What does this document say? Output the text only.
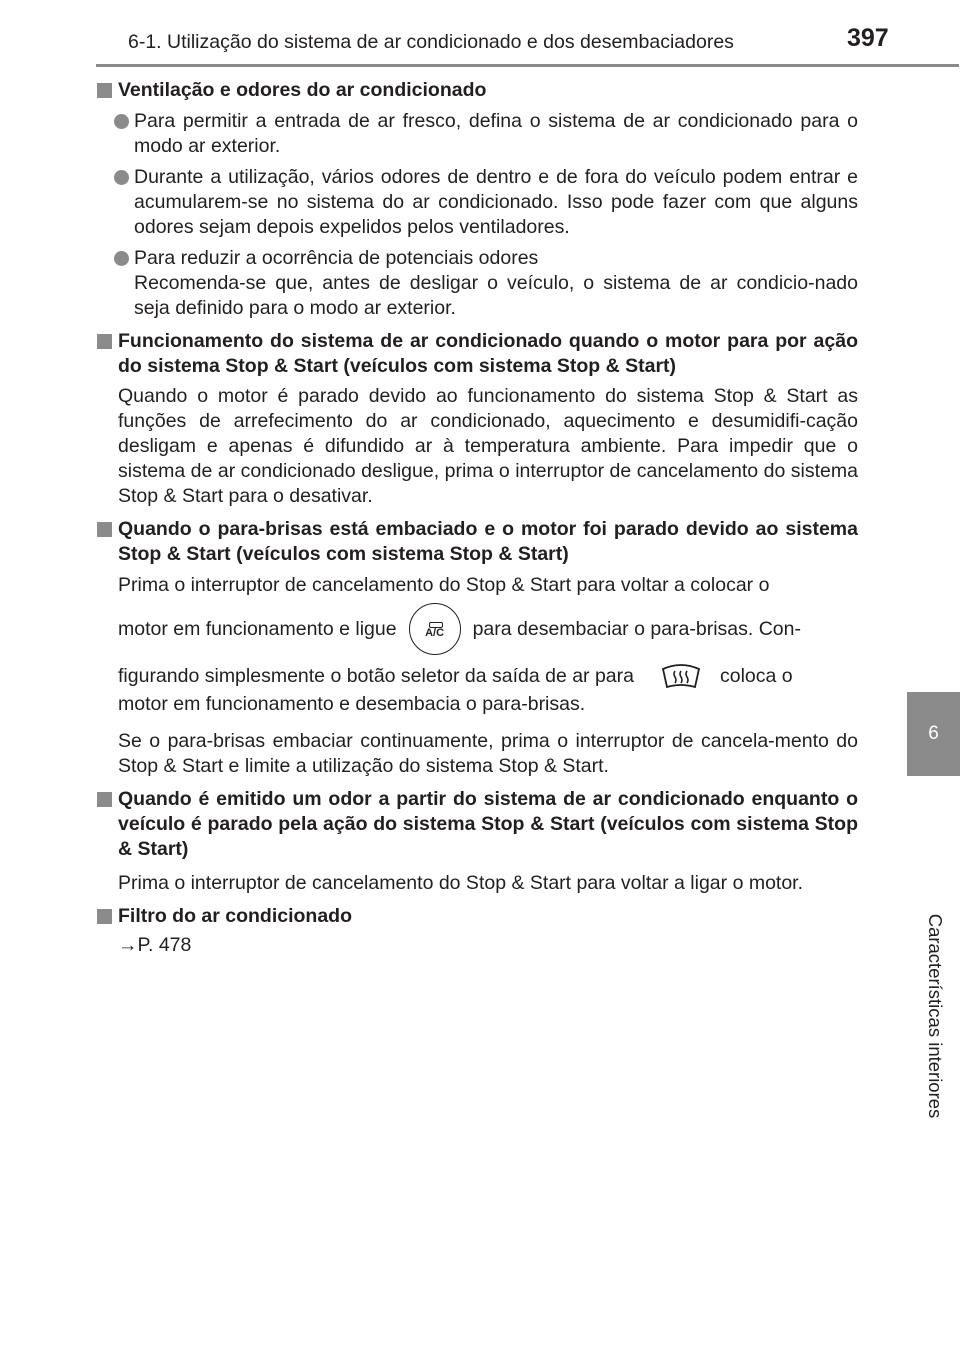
6-1. Utilização do sistema de ar condicionado e dos desembaciadores	397
6
Características interiores
Ventilação e odores do ar condicionado
Para permitir a entrada de ar fresco, defina o sistema de ar condicionado para o modo ar exterior.
Durante a utilização, vários odores de dentro e de fora do veículo podem entrar e acumularem-se no sistema do ar condicionado. Isso pode fazer com que alguns odores sejam depois expelidos pelos ventiladores.
Para reduzir a ocorrência de potenciais odores
Recomenda-se que, antes de desligar o veículo, o sistema de ar condicio-nado seja definido para o modo ar exterior.
Funcionamento do sistema de ar condicionado quando o motor para por ação do sistema Stop & Start (veículos com sistema Stop & Start)
Quando o motor é parado devido ao funcionamento do sistema Stop & Start as funções de arrefecimento do ar condicionado, aquecimento e desumidifi-cação desligam e apenas é difundido ar à temperatura ambiente. Para impedir que o sistema de ar condicionado desligue, prima o interruptor de cancelamento do sistema Stop & Start para o desativar.
Quando o para-brisas está embaciado e o motor foi parado devido ao sistema Stop & Start (veículos com sistema Stop & Start)
Prima o interruptor de cancelamento do Stop & Start para voltar a colocar o
motor em funcionamento e ligue	A/C para desembaciar o para-brisas. Con-
figurando simplesmente o botão seletor da saída de ar para	coloca o
motor em funcionamento e desembacia o para-brisas.
Se o para-brisas embaciar continuamente, prima o interruptor de cancela-mento do Stop & Start e limite a utilização do sistema Stop & Start.
Quando é emitido um odor a partir do sistema de ar condicionado enquanto o veículo é parado pela ação do sistema Stop & Start (veículos com sistema Stop & Start)
Prima o interruptor de cancelamento do Stop & Start para voltar a ligar o motor.
Filtro do ar condicionado
→P. 478
